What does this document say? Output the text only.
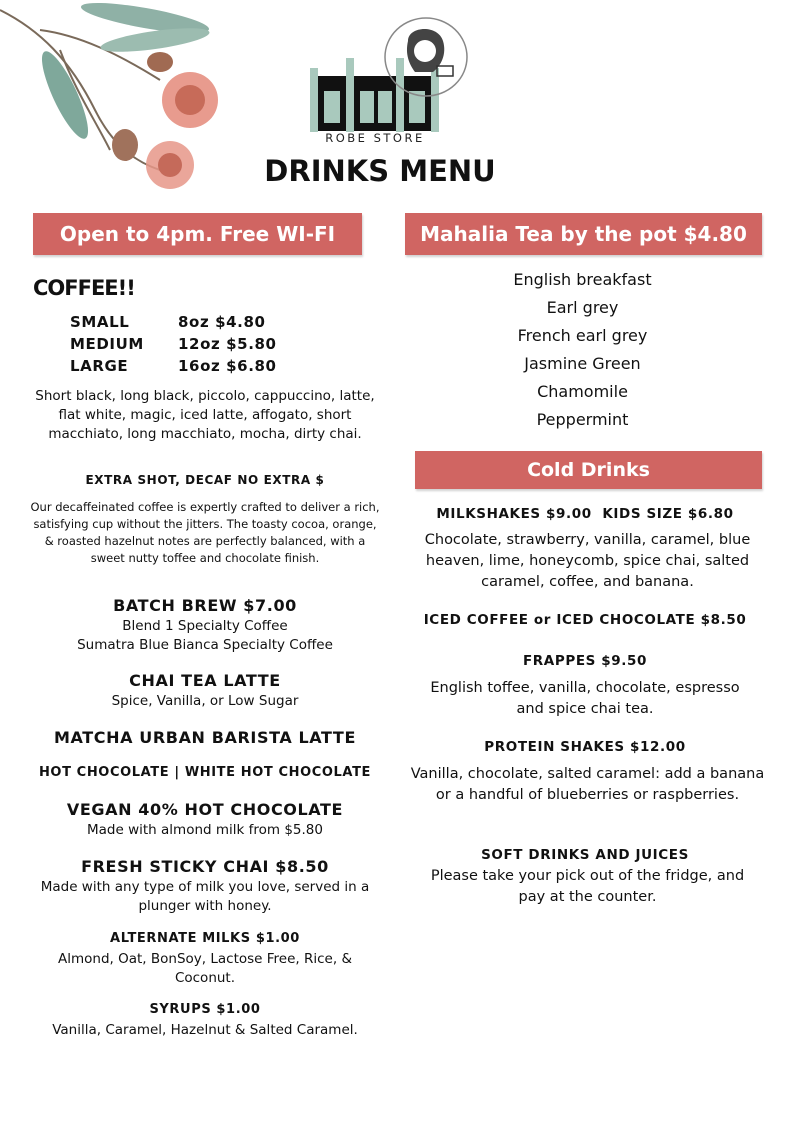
ROBE STORE
DRINKS MENU
Open to 4pm. Free WI-FI
COFFEE!!
SMALL	8oz $4.80
MEDIUM 12oz $5.80
LARGE	16oz $6.80
Short black, long black, piccolo, cappuccino, latte, flat white, magic, iced latte, affogato, short macchiato, long macchiato, mocha, dirty chai.
EXTRA SHOT, DECAF NO EXTRA $
Our decaffeinated coffee is expertly crafted to deliver a rich, satisfying cup without the jitters. The toasty cocoa, orange, & roasted hazelnut notes are perfectly balanced, with a sweet nutty toffee and chocolate finish.
BATCH BREW $7.00
Blend 1 Specialty Coffee
Sumatra Blue Bianca Specialty Coffee
CHAI TEA LATTE
Spice, Vanilla, or Low Sugar
MATCHA URBAN BARISTA LATTE
HOT CHOCOLATE | WHITE HOT CHOCOLATE
VEGAN 40% HOT CHOCOLATE
Made with almond milk from $5.80
FRESH STICKY CHAI $8.50
Made with any type of milk you love, served in a plunger with honey.
ALTERNATE MILKS $1.00
Almond, Oat, BonSoy, Lactose Free, Rice, & Coconut.
SYRUPS $1.00
Vanilla, Caramel, Hazelnut & Salted Caramel.
Mahalia Tea by the pot $4.80
English breakfast
Earl grey
French earl grey
Jasmine Green
Chamomile
Peppermint
Cold Drinks
MILKSHAKES $9.00  KIDS SIZE $6.80
Chocolate, strawberry, vanilla, caramel, blue heaven, lime, honeycomb, spice chai, salted caramel, coffee, and banana.
ICED COFFEE or ICED CHOCOLATE $8.50
FRAPPES $9.50
English toffee, vanilla, chocolate, espresso and spice chai tea.
PROTEIN SHAKES $12.00
Vanilla, chocolate, salted caramel: add a banana or a handful of blueberries or raspberries.
SOFT DRINKS AND JUICES
Please take your pick out of the fridge, and pay at the counter.
